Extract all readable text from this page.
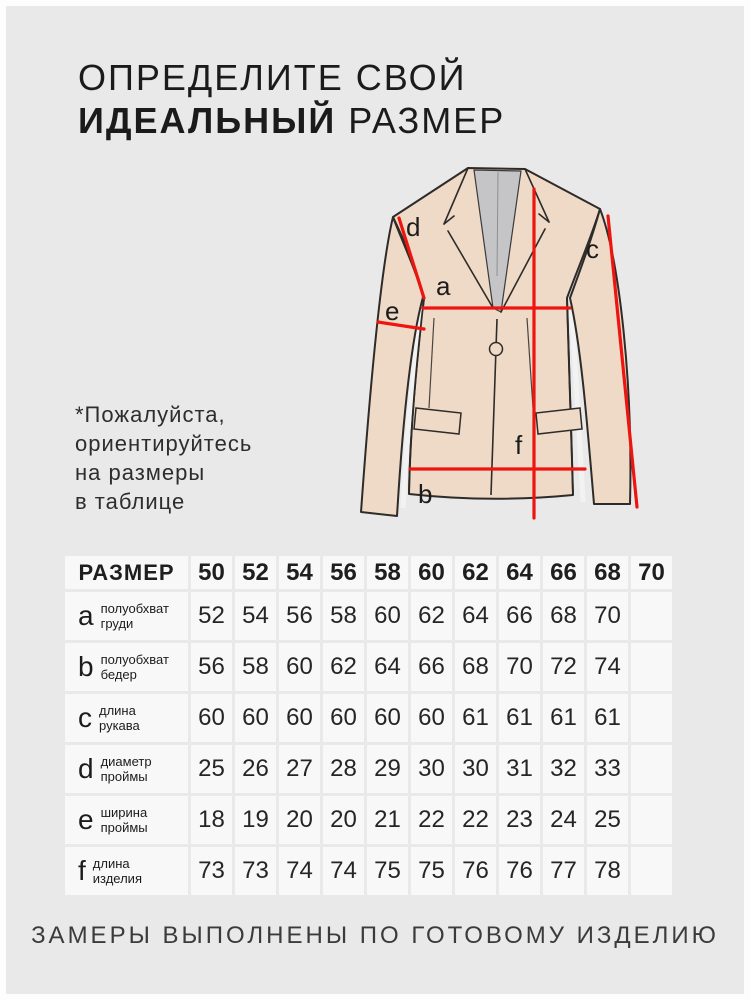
ОПРЕДЕЛИТЕ СВОЙ
ИДЕАЛЬНЫЙ РАЗМЕР
*Пожалуйста,
ориентируйтесь
на размеры
в таблице
d
a
e
c
f
b
РАЗМЕР 50 52 54 56 58 60 62 64 66 68 70
a полуобхват
груди	52 54 56 58 60 62 64 66 68 70
b полуобхват
бедер	56 58 60 62 64 66 68 70 72 74
c длина
рукава 60 60 60 60 60 60 61 61 61 61
d диаметр
проймы 25 26 27 28 29 30 30 31 32 33
e ширина
проймы 18 19 20 20 21 22 22 23 24 25
f длина
изделия 73 73 74 74 75 75 76 76 77 78
ЗАМЕРЫ ВЫПОЛНЕНЫ ПО ГОТОВОМУ ИЗДЕЛИЮ
